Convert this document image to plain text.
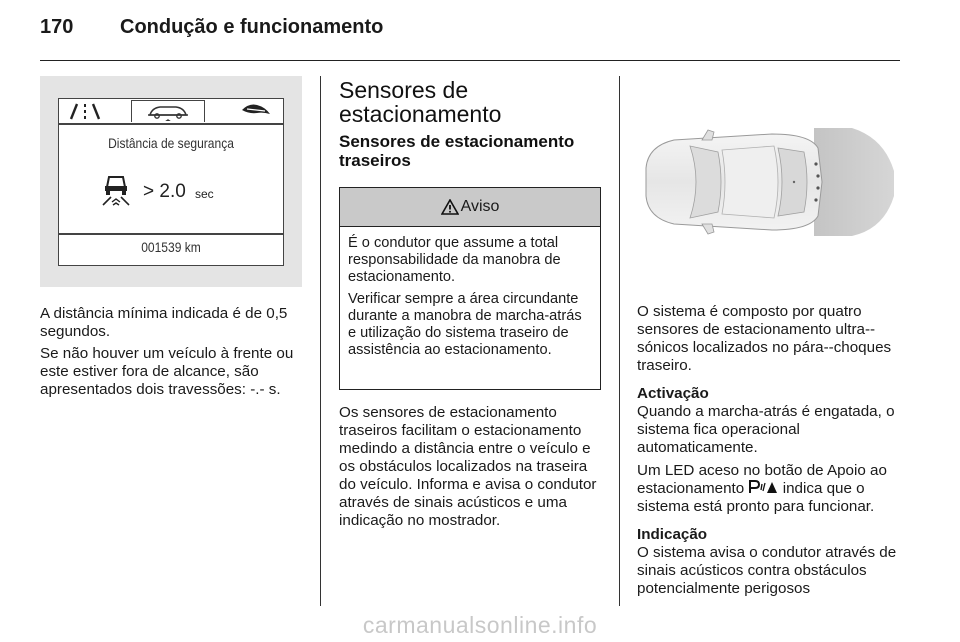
170 Condução e funcionamento
Distância de segurança
> 2.0 sec
001539 km

A distância mínima indicada é de 0,5 segundos.

Se não houver um veículo à frente ou este estiver fora de alcance, são apresentados dois travessões: -.- s.

Sensores de estacionamento
Sensores de estacionamento traseiros
Aviso

É o condutor que assume a total responsabilidade da manobra de estacionamento.

Verificar sempre a área circundante durante a manobra de marcha-atrás e utilização do sistema traseiro de assistência ao estacionamento.

Os sensores de estacionamento traseiros facilitam o estacionamento medindo a distância entre o veículo e os obstáculos localizados na traseira do veículo. Informa e avisa o condutor através de sinais acústicos e uma indicação no mostrador.

O sistema é composto por quatro sensores de estacionamento ultra--sónicos localizados no pára--choques traseiro.

Activação

Quando a marcha-atrás é engatada, o sistema fica operacional automaticamente.

Um LED aceso no botão de Apoio ao estacionamento	indica que o sistema está pronto para funcionar.

Indicação

O sistema avisa o condutor através de sinais acústicos contra obstáculos potencialmente perigosos

carmanualsonline.info
